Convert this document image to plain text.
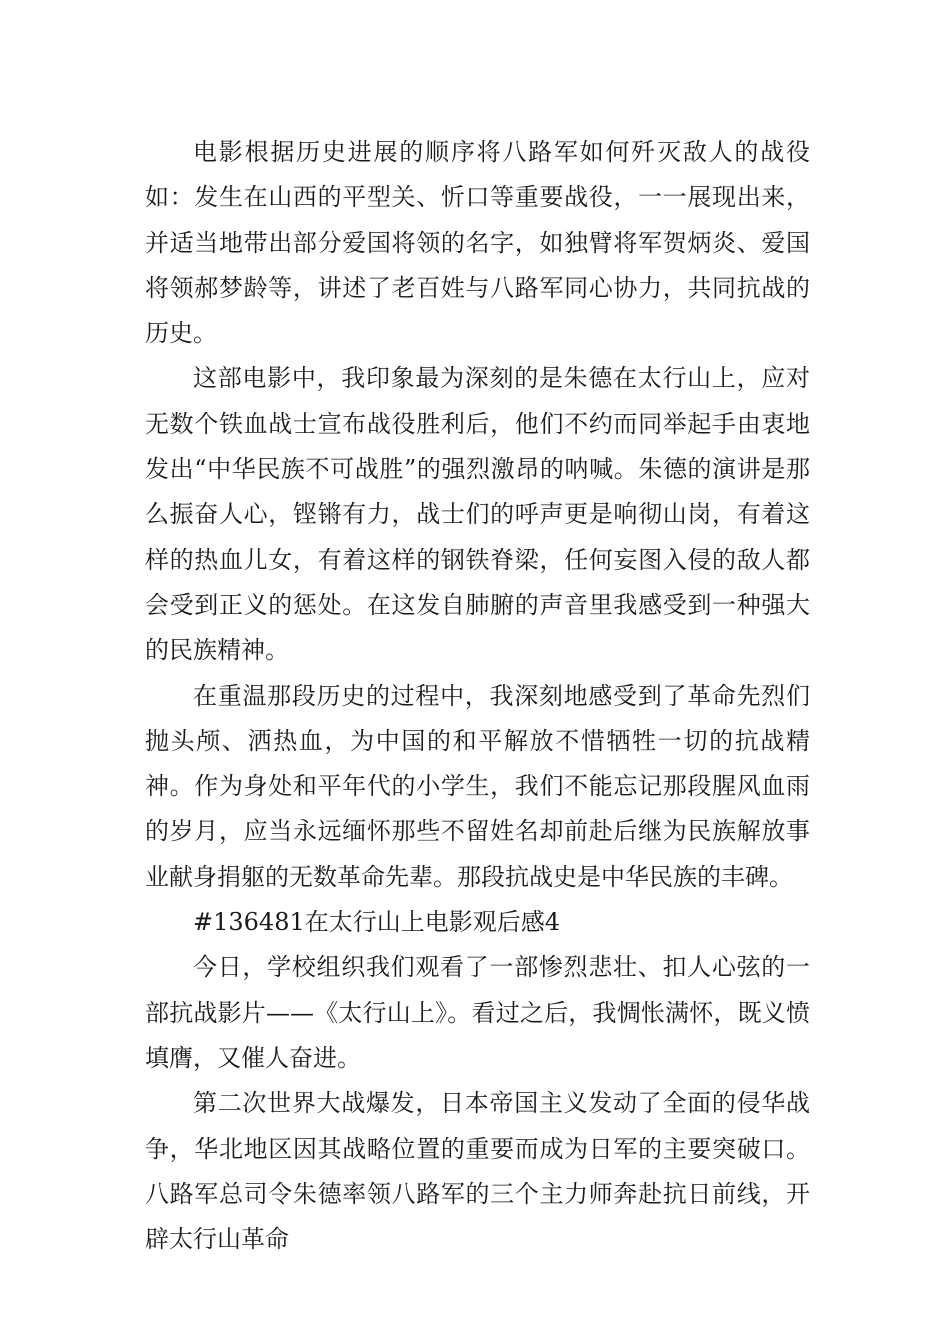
电影根据历史进展的顺序将八路军如何歼灭敌人的战役如：发生在山西的平型关、忻口等重要战役，一一展现出来，并适当地带出部分爱国将领的名字，如独臂将军贺炳炎、爱国将领郝梦龄等，讲述了老百姓与八路军同心协力，共同抗战的历史。

这部电影中，我印象最为深刻的是朱德在太行山上，应对无数个铁血战士宣布战役胜利后，他们不约而同举起手由衷地发出“中华民族不可战胜”的强烈激昂的呐喊。朱德的演讲是那么振奋人心，铿锵有力，战士们的呼声更是响彻山岗，有着这样的热血儿女，有着这样的钢铁脊梁，任何妄图入侵的敌人都会受到正义的惩处。在这发自肺腑的声音里我感受到一种强大的民族精神。

在重温那段历史的过程中，我深刻地感受到了革命先烈们抛头颅、洒热血，为中国的和平解放不惜牺牲一切的抗战精神。作为身处和平年代的小学生，我们不能忘记那段腥风血雨的岁月，应当永远缅怀那些不留姓名却前赴后继为民族解放事业献身捐躯的无数革命先辈。那段抗战史是中华民族的丰碑。

#136481在太行山上电影观后感4

今日，学校组织我们观看了一部惨烈悲壮、扣人心弦的一部抗战影片——《太行山上》。看过之后，我惆怅满怀，既义愤填膺，又催人奋进。

第二次世界大战爆发，日本帝国主义发动了全面的侵华战争，华北地区因其战略位置的重要而成为日军的主要突破口。八路军总司令朱德率领八路军的三个主力师奔赴抗日前线，开辟太行山革命
